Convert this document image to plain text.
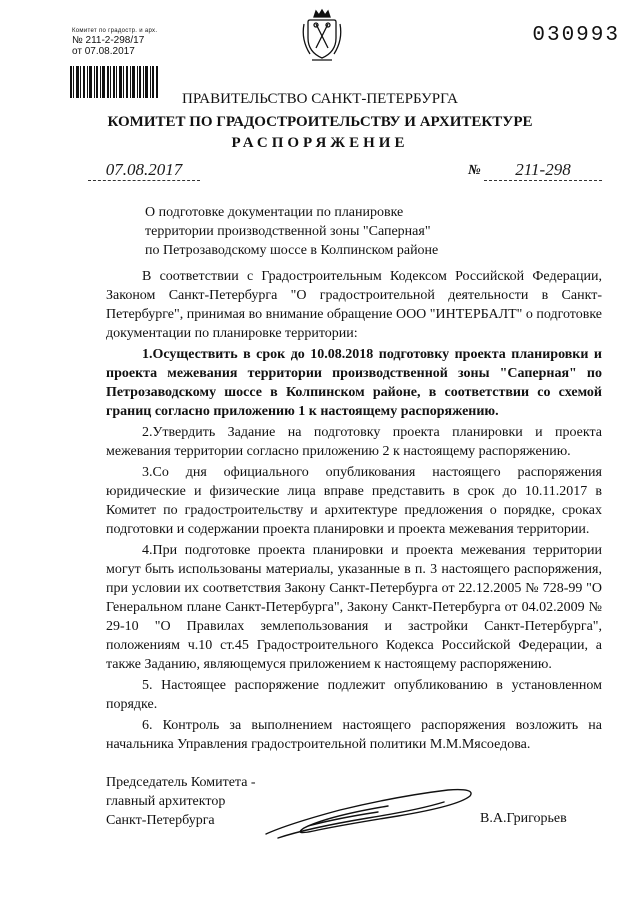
Комитет по градостр. и арх.
№ 211-2-298/17
от 07.08.2017
030993
ПРАВИТЕЛЬСТВО САНКТ-ПЕТЕРБУРГА
КОМИТЕТ ПО ГРАДОСТРОИТЕЛЬСТВУ И АРХИТЕКТУРЕ
РАСПОРЯЖЕНИЕ
07.08.2017	№	211-298
О подготовке документации по планировке
территории производственной зоны "Саперная"
по Петрозаводскому шоссе в Колпинском районе

В соответствии с Градостроительным Кодексом Российской Федерации, Законом Санкт-Петербурга "О градостроительной деятельности в Санкт-Петербурге", принимая во внимание обращение ООО "ИНТЕРБАЛТ" о подготовке документации по планировке территории:

1.Осуществить в срок до 10.08.2018 подготовку проекта планировки и проекта межевания территории производственной зоны "Саперная" по Петрозаводскому шоссе в Колпинском районе, в соответствии со схемой границ согласно приложению 1 к настоящему распоряжению.

2.Утвердить Задание на подготовку проекта планировки и проекта межевания территории согласно приложению 2 к настоящему распоряжению.

3.Со дня официального опубликования настоящего распоряжения юридические и физические лица вправе представить в срок до 10.11.2017 в Комитет по градостроительству и архитектуре предложения о порядке, сроках подготовки и содержании проекта планировки и проекта межевания территории.

4.При подготовке проекта планировки и проекта межевания территории могут быть использованы материалы, указанные в п. 3 настоящего распоряжения, при условии их соответствия Закону Санкт-Петербурга от 22.12.2005 № 728-99 "О Генеральном плане Санкт-Петербурга", Закону Санкт-Петербурга от 04.02.2009 № 29-10 "О Правилах землепользования и застройки Санкт-Петербурга", положениям ч.10 ст.45 Градостроительного Кодекса Российской Федерации, а также Заданию, являющемуся приложением к настоящему распоряжению.

5. Настоящее распоряжение подлежит опубликованию в установленном порядке.

6. Контроль за выполнением настоящего распоряжения возложить на начальника Управления градостроительной политики М.М.Мясоедова.

Председатель Комитета -
главный архитектор
Санкт-Петербурга	В.А.Григорьев
